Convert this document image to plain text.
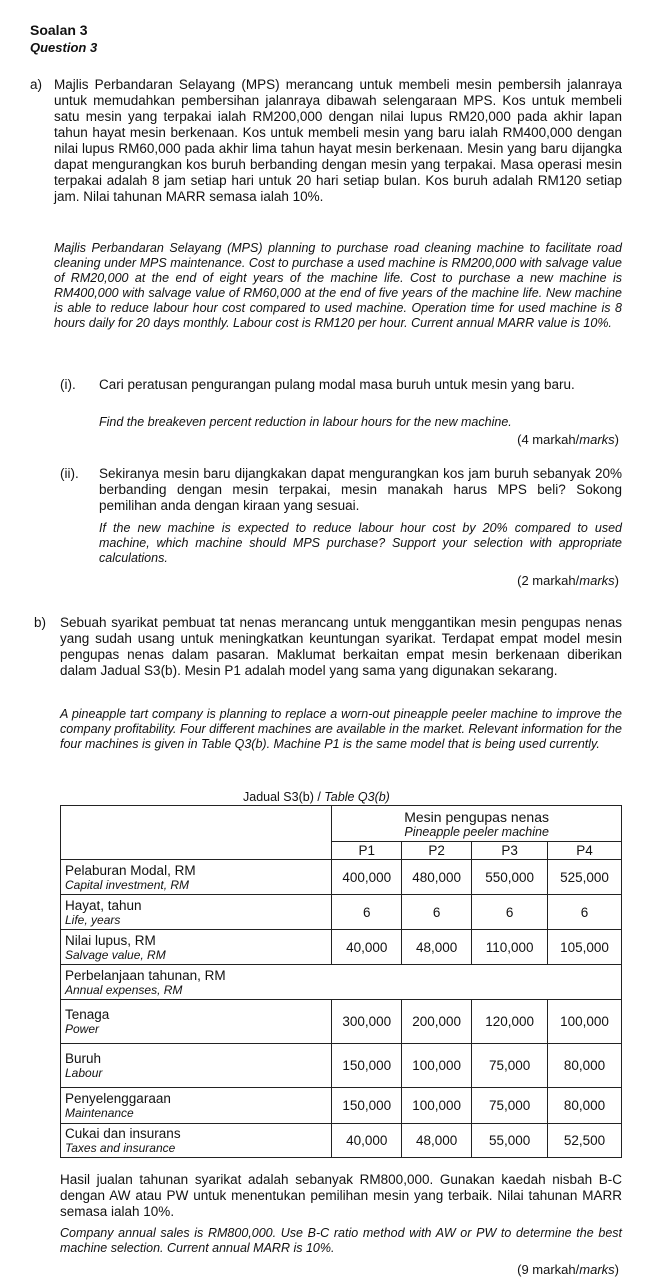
Soalan 3
Question 3
a) Majlis Perbandaran Selayang (MPS) merancang untuk membeli mesin pembersih jalanraya untuk memudahkan pembersihan jalanraya dibawah selengaraan MPS. Kos untuk membeli satu mesin yang terpakai ialah RM200,000 dengan nilai lupus RM20,000 pada akhir lapan tahun hayat mesin berkenaan. Kos untuk membeli mesin yang baru ialah RM400,000 dengan nilai lupus RM60,000 pada akhir lima tahun hayat mesin berkenaan. Mesin yang baru dijangka dapat mengurangkan kos buruh berbanding dengan mesin yang terpakai. Masa operasi mesin terpakai adalah 8 jam setiap hari untuk 20 hari setiap bulan. Kos buruh adalah RM120 setiap jam. Nilai tahunan MARR semasa ialah 10%.
Majlis Perbandaran Selayang (MPS) planning to purchase road cleaning machine to facilitate road cleaning under MPS maintenance. Cost to purchase a used machine is RM200,000 with salvage value of RM20,000 at the end of eight years of the machine life. Cost to purchase a new machine is RM400,000 with salvage value of RM60,000 at the end of five years of the machine life. New machine is able to reduce labour hour cost compared to used machine. Operation time for used machine is 8 hours daily for 20 days monthly. Labour cost is RM120 per hour. Current annual MARR value is 10%.
(i). Cari peratusan pengurangan pulang modal masa buruh untuk mesin yang baru.
Find the breakeven percent reduction in labour hours for the new machine.
(4 markah/marks)
(ii). Sekiranya mesin baru dijangkakan dapat mengurangkan kos jam buruh sebanyak 20% berbanding dengan mesin terpakai, mesin manakah harus MPS beli? Sokong pemilihan anda dengan kiraan yang sesuai.
If the new machine is expected to reduce labour hour cost by 20% compared to used machine, which machine should MPS purchase? Support your selection with appropriate calculations.
(2 markah/marks)
b) Sebuah syarikat pembuat tat nenas merancang untuk menggantikan mesin pengupas nenas yang sudah usang untuk meningkatkan keuntungan syarikat. Terdapat empat model mesin pengupas nenas dalam pasaran. Maklumat berkaitan empat mesin berkenaan diberikan dalam Jadual S3(b). Mesin P1 adalah model yang sama yang digunakan sekarang.
A pineapple tart company is planning to replace a worn-out pineapple peeler machine to improve the company profitability. Four different machines are available in the market. Relevant information for the four machines is given in Table Q3(b). Machine P1 is the same model that is being used currently.
Jadual S3(b) / Table Q3(b)

	Mesin pengupas nenas
Pineapple peeler machine			

	P1	P2	P3	P4

Pelaburan Modal, RM
Capital investment, RM	400,000	480,000	550,000	525,000

Hayat, tahun
Life, years	6	6	6	6

Nilai lupus, RM
Salvage value, RM	40,000	48,000	110,000	105,000

Perbelanjaan tahunan, RM
Annual expenses, RM				

Tenaga
Power	300,000	200,000	120,000	100,000

Buruh
Labour	150,000	100,000	75,000	80,000

Penyelenggaraan
Maintenance	150,000	100,000	75,000	80,000

Cukai dan insurans
Taxes and insurance	40,000	48,000	55,000	52,500
Hasil jualan tahunan syarikat adalah sebanyak RM800,000. Gunakan kaedah nisbah B-C dengan AW atau PW untuk menentukan pemilihan mesin yang terbaik. Nilai tahunan MARR semasa ialah 10%.
Company annual sales is RM800,000. Use B-C ratio method with AW or PW to determine the best machine selection. Current annual MARR is 10%.
(9 markah/marks)
